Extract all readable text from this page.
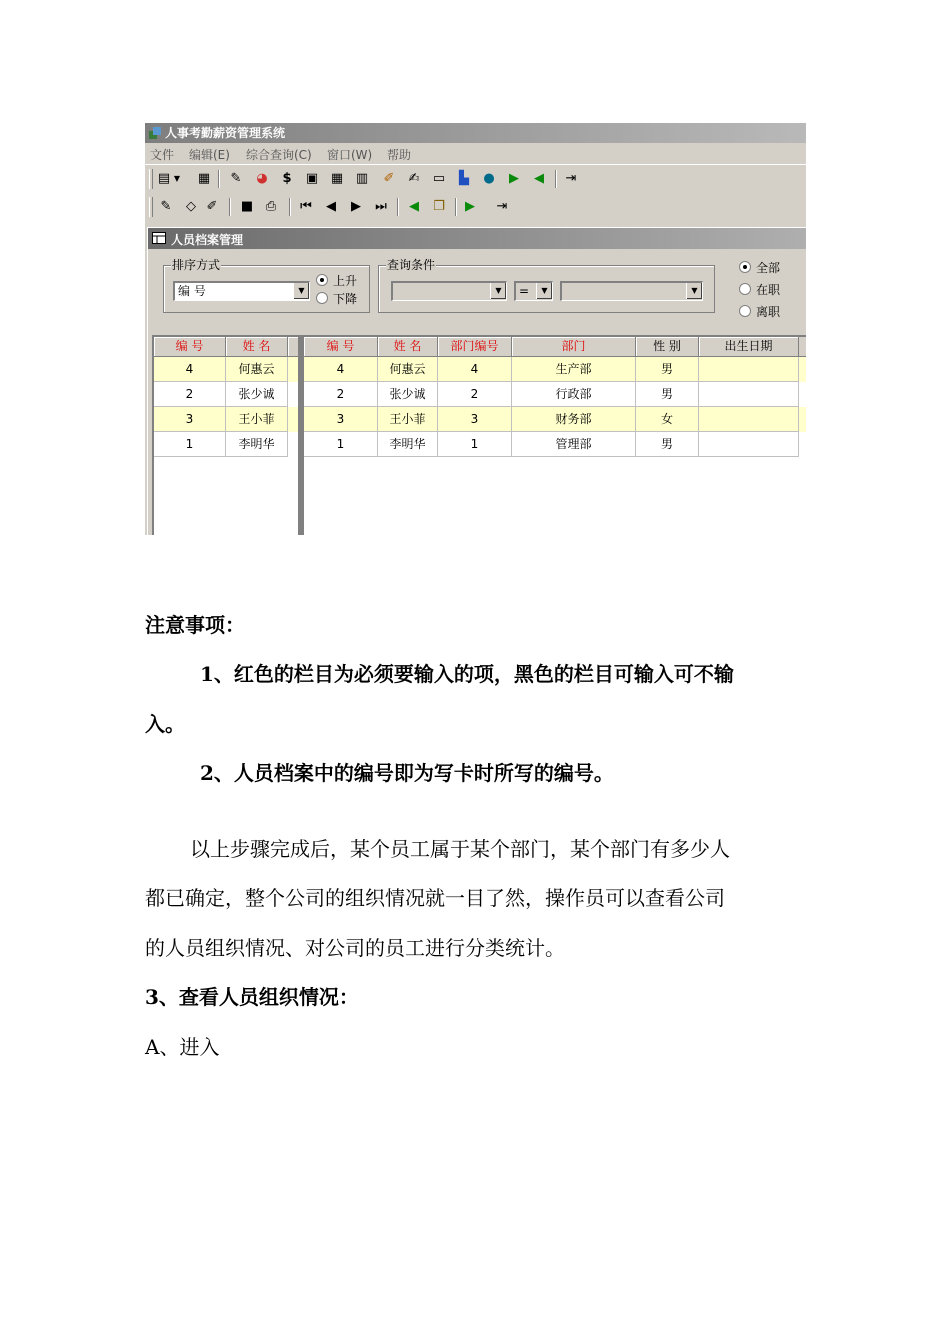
人事考勤薪资管理系统
文件 编辑(E) 综合查询(C) 窗口(W) 帮助
▤ ▼ ▦ ✎ ◕	$	▣ ▦ ▥ ✐ ✍ ▭	▙	●	▶	◀	⇥
✎	◇ ✐ ■ ⎙ ⏮	◀	▶	⏭	◀	❐	▶	⇥
人员档案管理
排序方式
编 号	▼
上升
下降
查询条件
▼	=	▼	▼
全部
在职
离职
编 号	姓 名
4	何惠云
2	张少诚
3	王小菲
1	李明华
编 号	姓 名	部门编号	部门	性 别	出生日期
4	何惠云	4	生产部	男
2	张少诚	2	行政部	男
3	王小菲	3	财务部	女
1	李明华	1	管理部	男

注意事项：

1、红色的栏目为必须要输入的项，黑色的栏目可输入可不输

入。

2、人员档案中的编号即为写卡时所写的编号。

以上步骤完成后，某个员工属于某个部门，某个部门有多少人

都已确定，整个公司的组织情况就一目了然，操作员可以查看公司

的人员组织情况、对公司的员工进行分类统计。

3、查看人员组织情况：

A、进入
